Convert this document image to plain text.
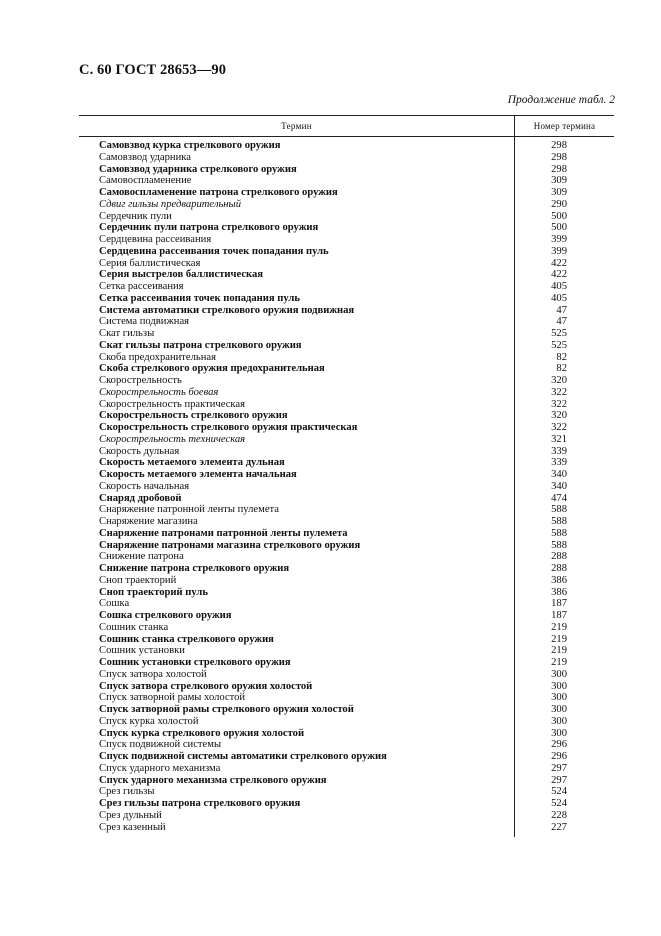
С. 60 ГОСТ 28653—90
Продолжение табл. 2
Термин	Номер термина
Самовзвод курка стрелкового оружия	298
Самовзвод ударника	298
Самовзвод ударника стрелкового оружия	298
Самовоспламенение	309
Самовоспламенение патрона стрелкового оружия	309
Сдвиг гильзы предварительный	290
Сердечник пули	500
Сердечник пули патрона стрелкового оружия	500
Сердцевина рассеивания	399
Сердцевина рассеивания точек попадания пуль	399
Серия баллистическая	422
Серия выстрелов баллистическая	422
Сетка рассеивания	405
Сетка рассеивания точек попадания пуль	405
Система автоматики стрелкового оружия подвижная	47
Система подвижная	47
Скат гильзы	525
Скат гильзы патрона стрелкового оружия	525
Скоба предохранительная	82
Скоба стрелкового оружия предохранительная	82
Скорострельность	320
Скорострельность боевая	322
Скорострельность практическая	322
Скорострельность стрелкового оружия	320
Скорострельность стрелкового оружия практическая	322
Скорострельность техническая	321
Скорость дульная	339
Скорость метаемого элемента дульная	339
Скорость метаемого элемента начальная	340
Скорость начальная	340
Снаряд дробовой	474
Снаряжение патронной ленты пулемета	588
Снаряжение магазина	588
Снаряжение патронами патронной ленты пулемета	588
Снаряжение патронами магазина стрелкового оружия	588
Снижение патрона	288
Снижение патрона стрелкового оружия	288
Сноп траекторий	386
Сноп траекторий пуль	386
Сошка	187
Сошка стрелкового оружия	187
Сошник станка	219
Сошник станка стрелкового оружия	219
Сошник установки	219
Сошник установки стрелкового оружия	219
Спуск затвора холостой	300
Спуск затвора стрелкового оружия холостой	300
Спуск затворной рамы холостой	300
Спуск затворной рамы стрелкового оружия холостой	300
Спуск курка холостой	300
Спуск курка стрелкового оружия холостой	300
Спуск подвижной системы	296
Спуск подвижной системы автоматики стрелкового оружия	296
Спуск ударного механизма	297
Спуск ударного механизма стрелкового оружия	297
Срез гильзы	524
Срез гильзы патрона стрелкового оружия	524
Срез дульный	228
Срез казенный	227
